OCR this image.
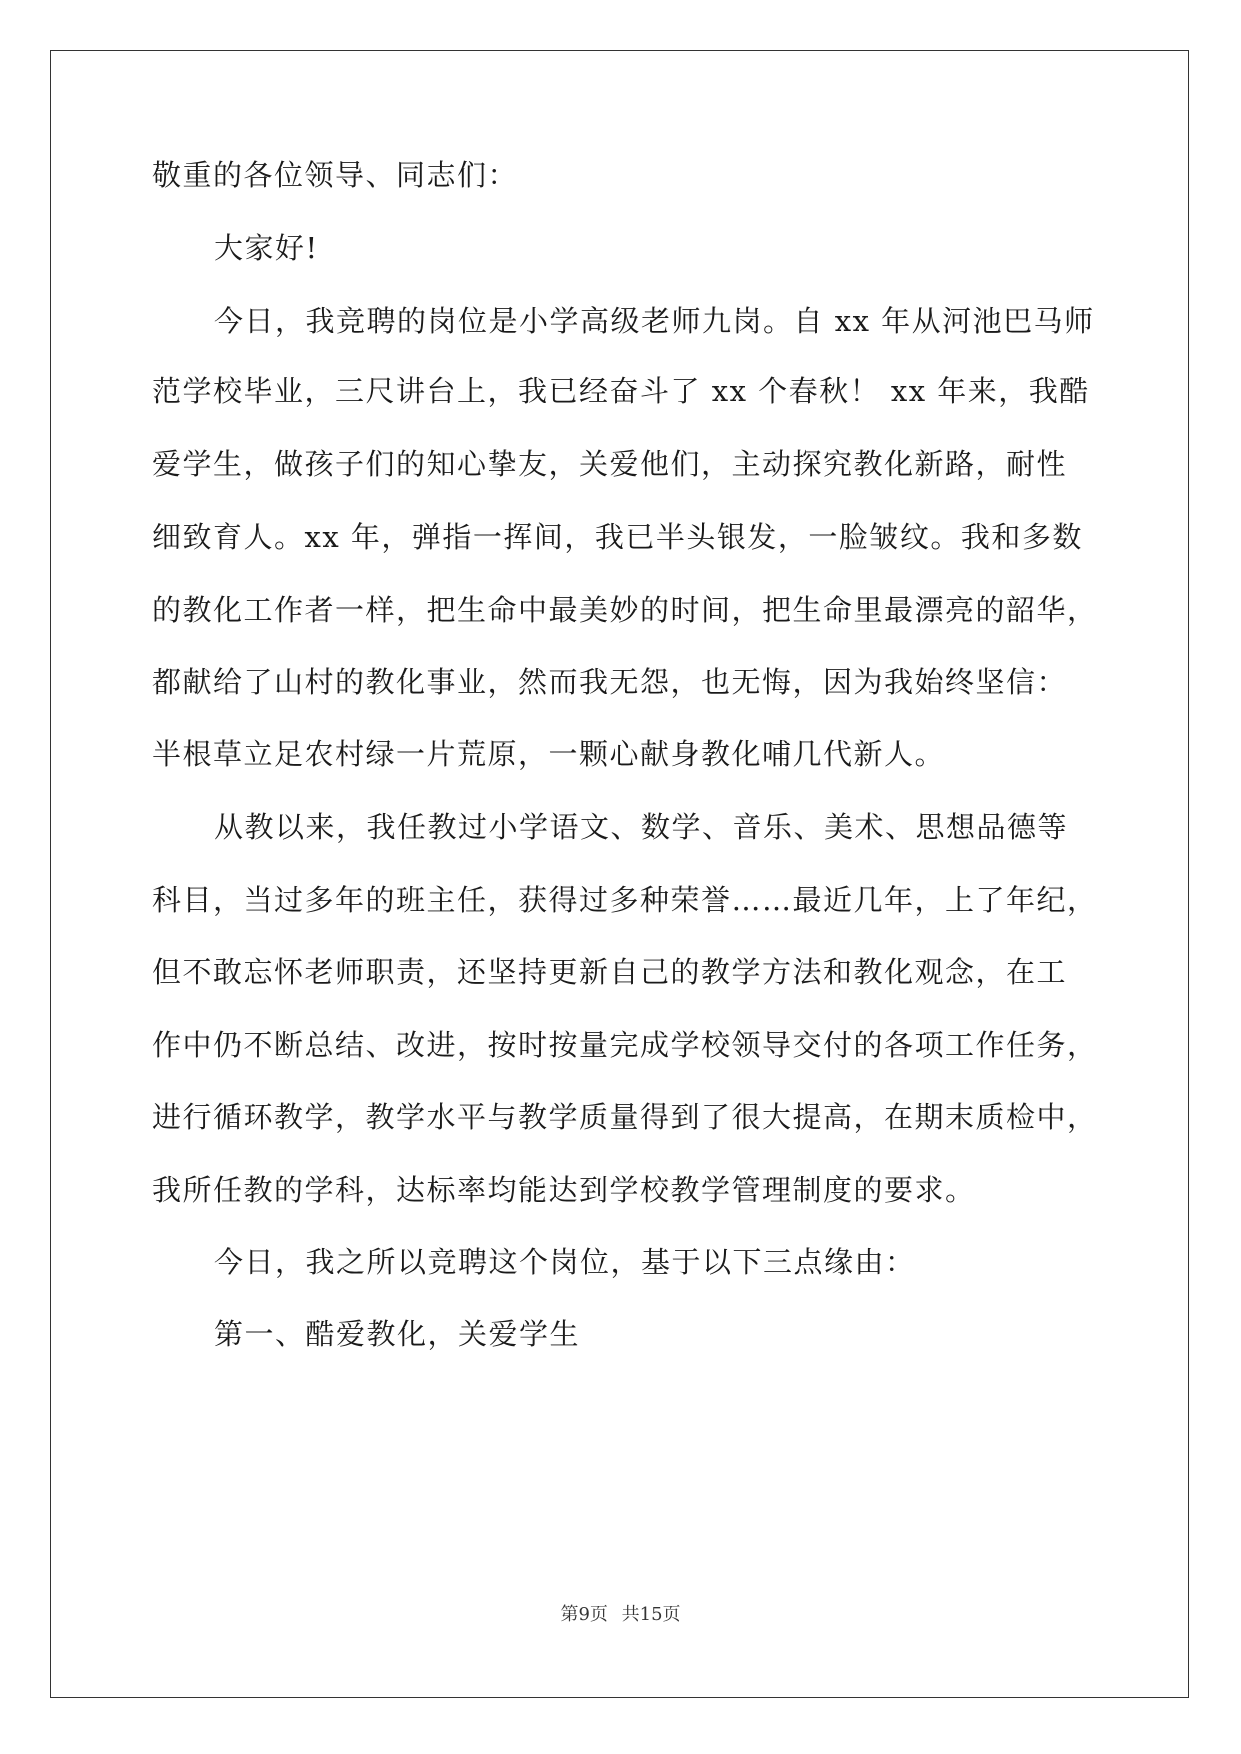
敬重的各位领导、同志们：
大家好!
今日，我竞聘的岗位是小学高级老师九岗。自 xx 年从河池巴马师
范学校毕业，三尺讲台上，我已经奋斗了 xx 个春秋！ xx 年来，我酷
爱学生，做孩子们的知心挚友，关爱他们，主动探究教化新路，耐性
细致育人。xx 年，弹指一挥间，我已半头银发，一脸皱纹。我和多数
的教化工作者一样，把生命中最美妙的时间，把生命里最漂亮的韶华，
都献给了山村的教化事业，然而我无怨，也无悔，因为我始终坚信：
半根草立足农村绿一片荒原，一颗心献身教化哺几代新人。
从教以来，我任教过小学语文、数学、音乐、美术、思想品德等
科目，当过多年的班主任，获得过多种荣誉……最近几年，上了年纪，
但不敢忘怀老师职责，还坚持更新自己的教学方法和教化观念，在工
作中仍不断总结、改进，按时按量完成学校领导交付的各项工作任务，
进行循环教学，教学水平与教学质量得到了很大提高，在期末质检中，
我所任教的学科，达标率均能达到学校教学管理制度的要求。
今日，我之所以竞聘这个岗位，基于以下三点缘由：
第一、酷爱教化，关爱学生
第9页 共15页
